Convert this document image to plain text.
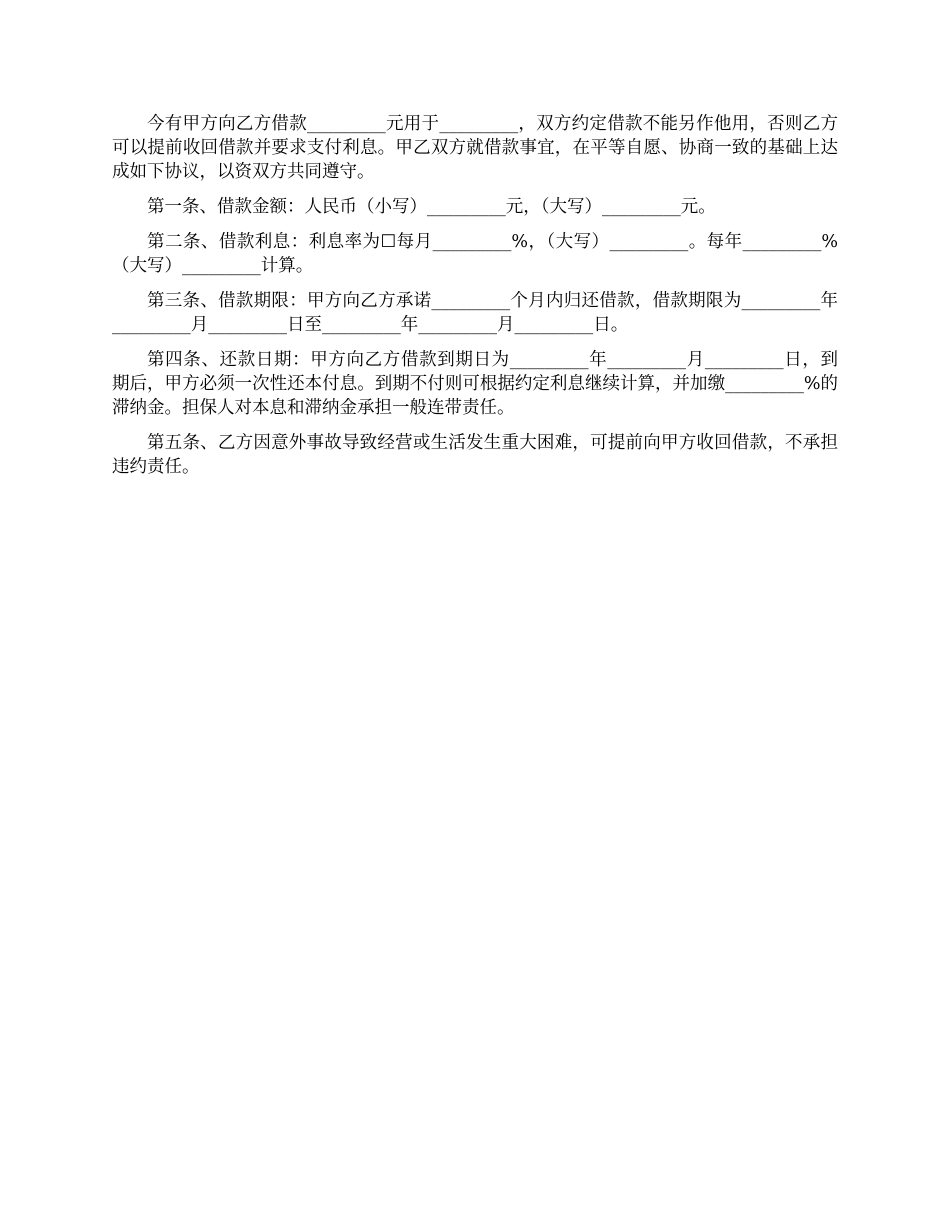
今有甲方向乙方借款_________元用于_________，双方约定借款不能另作他用，否则乙方可以提前收回借款并要求支付利息。甲乙双方就借款事宜，在平等自愿、协商一致的基础上达成如下协议，以资双方共同遵守。

第一条、借款金额：人民币（小写）_________元，（大写）_________元。

第二条、借款利息：利息率为☐每月_________%，（大写）_________。每年_________%（大写）_________计算。

第三条、借款期限：甲方向乙方承诺_________个月内归还借款，借款期限为_________年_________月_________日至_________年_________月_________日。

第四条、还款日期：甲方向乙方借款到期日为_________年_________月_________日，到期后，甲方必须一次性还本付息。到期不付则可根据约定利息继续计算，并加缴_________%的滞纳金。担保人对本息和滞纳金承担一般连带责任。

第五条、乙方因意外事故导致经营或生活发生重大困难，可提前向甲方收回借款，不承担违约责任。
